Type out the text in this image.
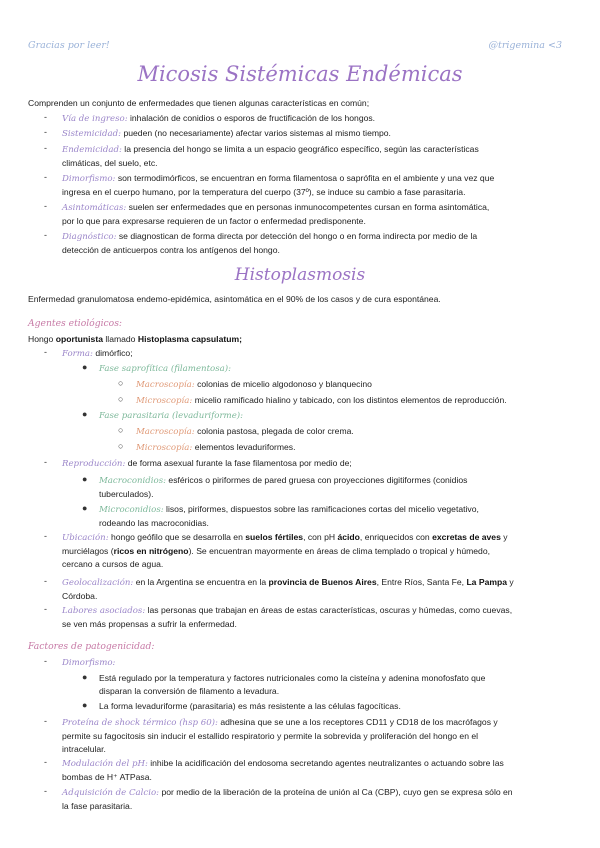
Gracias por leer!	@trigemina <3
Micosis Sistémicas Endémicas
Comprenden un conjunto de enfermedades que tienen algunas características en común;
- Vía de ingreso: inhalación de conidios o esporos de fructificación de los hongos.
- Sistemicidad: pueden (no necesariamente) afectar varios sistemas al mismo tiempo.
- Endemicidad: la presencia del hongo se limita a un espacio geográfico específico, según las características
climáticas, del suelo, etc.
- Dimorfismo: son termodimórficos, se encuentran en forma filamentosa o saprófita en el ambiente y una vez que
ingresa en el cuerpo humano, por la temperatura del cuerpo (37º), se induce su cambio a fase parasitaria.
- Asintomáticas: suelen ser enfermedades que en personas inmunocompetentes cursan en forma asintomática,
por lo que para expresarse requieren de un factor o enfermedad predisponente.
- Diagnóstico: se diagnostican de forma directa por detección del hongo o en forma indirecta por medio de la
detección de anticuerpos contra los antígenos del hongo.
Histoplasmosis
Enfermedad granulomatosa endemo-epidémica, asintomática en el 90% de los casos y de cura espontánea.
Agentes etiológicos:
Hongo oportunista llamado Histoplasma capsulatum;
- Forma: dimórfico;
● Fase saprofítica (filamentosa):
○ Macroscopía: colonias de micelio algodonoso y blanquecino
○ Microscopía: micelio ramificado hialino y tabicado, con los distintos elementos de reproducción.
● Fase parasitaria (levaduriforme):
○ Macroscopía: colonia pastosa, plegada de color crema.
○ Microscopía: elementos levaduriformes.
- Reproducción: de forma asexual furante la fase filamentosa por medio de;
● Macroconidios: esféricos o piriformes de pared gruesa con proyecciones digitiformes (conidios
tuberculados).
● Microconidios: lisos, piriformes, dispuestos sobre las ramificaciones cortas del micelio vegetativo,
rodeando las macroconidias.
- Ubicación: hongo geófilo que se desarrolla en suelos fértiles, con pH ácido, enriquecidos con excretas de aves y
murciélagos (ricos en nitrógeno). Se encuentran mayormente en áreas de clima templado o tropical y húmedo,
cercano a cursos de agua.
- Geolocalización: en la Argentina se encuentra en la provincia de Buenos Aires, Entre Ríos, Santa Fe, La Pampa y
Córdoba.
- Labores asociados: las personas que trabajan en áreas de estas características, oscuras y húmedas, como cuevas,
se ven más propensas a sufrir la enfermedad.
Factores de patogenicidad:
- Dimorfismo:
● Está regulado por la temperatura y factores nutricionales como la cisteína y adenina monofosfato que
disparan la conversión de filamento a levadura.
● La forma levaduriforme (parasitaria) es más resistente a las células fagocíticas.
- Proteína de shock térmico (hsp 60): adhesina que se une a los receptores CD11 y CD18 de los macrófagos y
permite su fagocitosis sin inducir el estallido respiratorio y permite la sobrevida y proliferación del hongo en el
intracelular.
- Modulación del pH: inhibe la acidificación del endosoma secretando agentes neutralizantes o actuando sobre las
bombas de H⁺ ATPasa.
- Adquisición de Calcio: por medio de la liberación de la proteína de unión al Ca (CBP), cuyo gen se expresa sólo en
la fase parasitaria.
